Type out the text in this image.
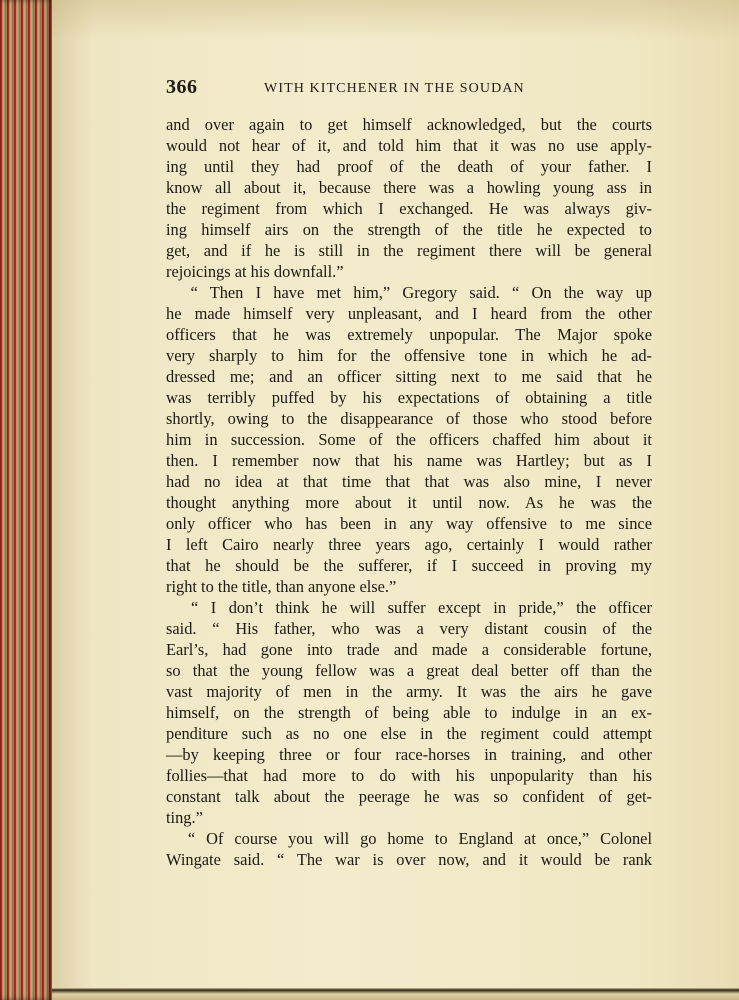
366	WITH KITCHENER IN THE SOUDAN
and over again to get himself acknowledged, but the courts
would not hear of it, and told him that it was no use apply-
ing until they had proof of the death of your father. I
know all about it, because there was a howling young ass in
the regiment from which I exchanged. He was always giv-
ing himself airs on the strength of the title he expected to
get, and if he is still in the regiment there will be general
rejoicings at his downfall.”
“ Then I have met him,” Gregory said. “ On the way up
he made himself very unpleasant, and I heard from the other
officers that he was extremely unpopular. The Major spoke
very sharply to him for the offensive tone in which he ad-
dressed me; and an officer sitting next to me said that he
was terribly puffed by his expectations of obtaining a title
shortly, owing to the disappearance of those who stood before
him in succession. Some of the officers chaffed him about it
then. I remember now that his name was Hartley; but as I
had no idea at that time that that was also mine, I never
thought anything more about it until now. As he was the
only officer who has been in any way offensive to me since
I left Cairo nearly three years ago, certainly I would rather
that he should be the sufferer, if I succeed in proving my
right to the title, than anyone else.”
“ I don’t think he will suffer except in pride,” the officer
said. “ His father, who was a very distant cousin of the
Earl’s, had gone into trade and made a considerable fortune,
so that the young fellow was a great deal better off than the
vast majority of men in the army. It was the airs he gave
himself, on the strength of being able to indulge in an ex-
penditure such as no one else in the regiment could attempt
—by keeping three or four race-horses in training, and other
follies—that had more to do with his unpopularity than his
constant talk about the peerage he was so confident of get-
ting.”
“ Of course you will go home to England at once,” Colonel
Wingate said. “ The war is over now, and it would be rank
